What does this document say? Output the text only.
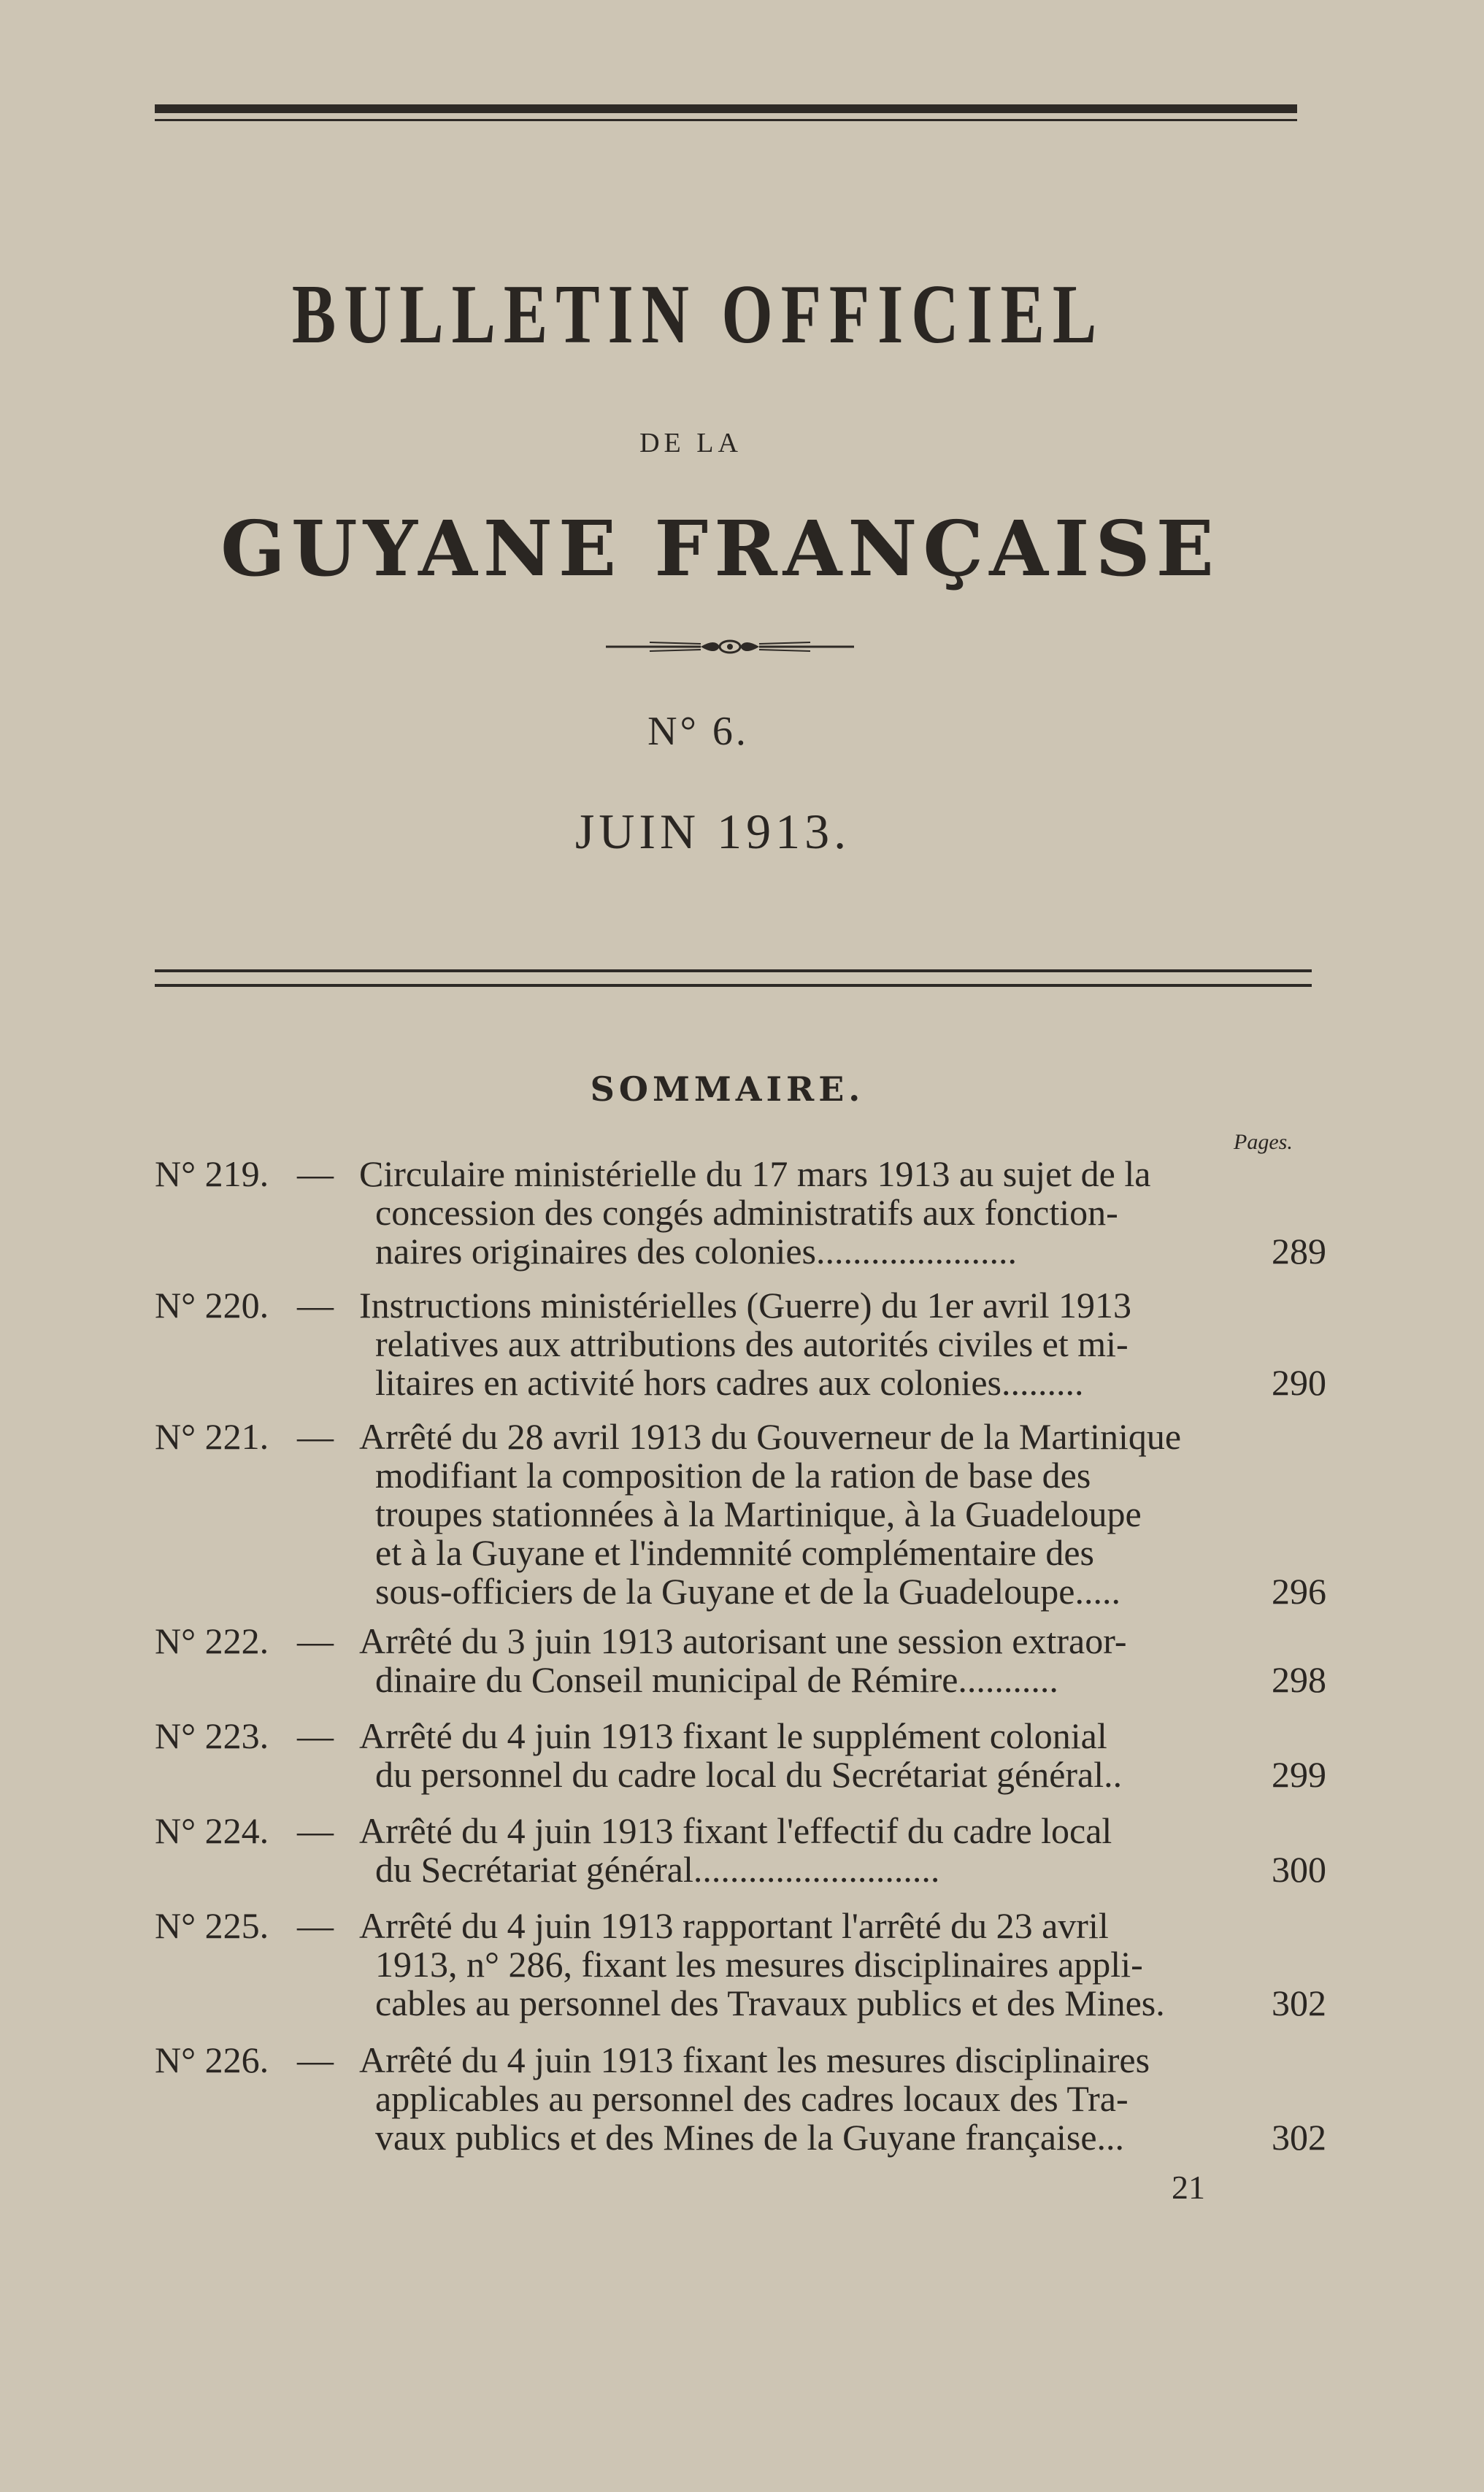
BULLETIN OFFICIEL
DE LA
GUYANE FRANÇAISE
N° 6.
JUIN 1913.
SOMMAIRE.
Pages.
N° 219. — Circulaire ministérielle du 17 mars 1913 au sujet de la
concession des congés administratifs aux fonction-
naires originaires des colonies......................	289
N° 220. — Instructions ministérielles (Guerre) du 1er avril 1913
relatives aux attributions des autorités civiles et mi-
litaires en activité hors cadres aux colonies.........	290
N° 221. — Arrêté du 28 avril 1913 du Gouverneur de la Martinique
modifiant la composition de la ration de base des
troupes stationnées à la Martinique, à la Guadeloupe
et à la Guyane et l'indemnité complémentaire des
sous-officiers de la Guyane et de la Guadeloupe.....	296
N° 222. — Arrêté du 3 juin 1913 autorisant une session extraor-
dinaire du Conseil municipal de Rémire...........	298
N° 223. — Arrêté du 4 juin 1913 fixant le supplément colonial
du personnel du cadre local du Secrétariat général..	299
N° 224. — Arrêté du 4 juin 1913 fixant l'effectif du cadre local
du Secrétariat général...........................	300
N° 225. — Arrêté du 4 juin 1913 rapportant l'arrêté du 23 avril
1913, n° 286, fixant les mesures disciplinaires appli-
cables au personnel des Travaux publics et des Mines.	302
N° 226. — Arrêté du 4 juin 1913 fixant les mesures disciplinaires
applicables au personnel des cadres locaux des Tra-
vaux publics et des Mines de la Guyane française...	302
21
